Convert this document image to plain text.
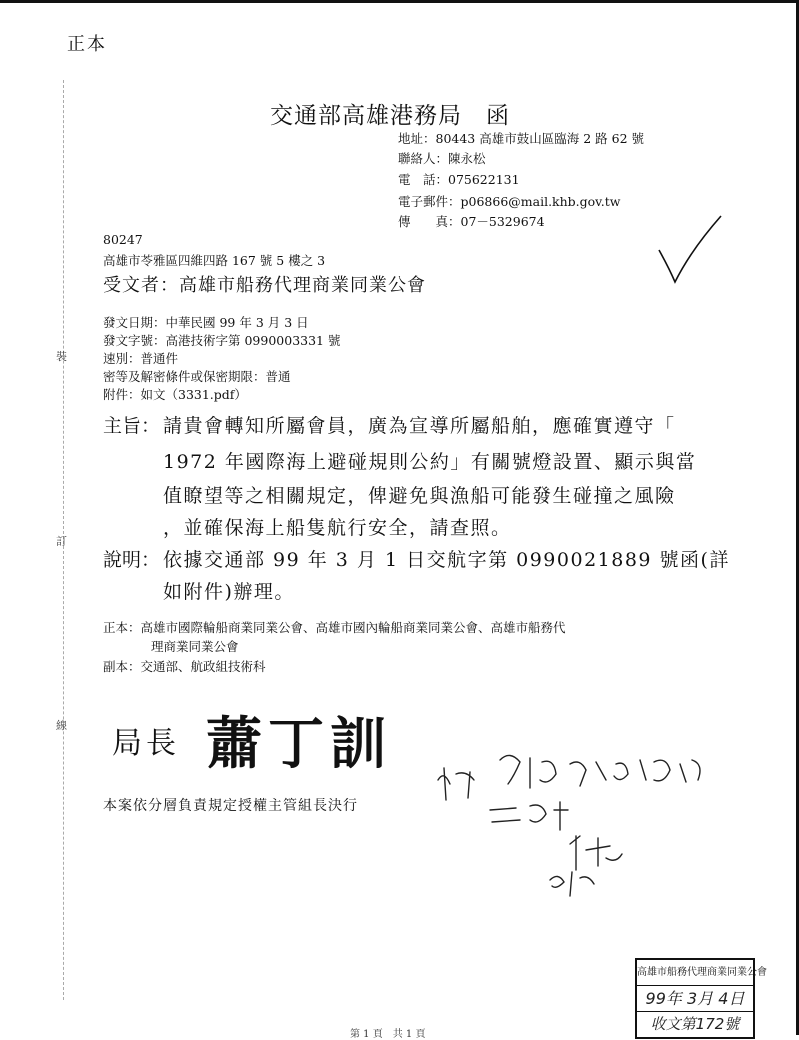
裝
訂
線
正本
交通部高雄港務局　函
地址：80443 高雄市鼓山區臨海 2 路 62 號
聯絡人：陳永松
電　話：075622131
電子郵件：p06866@mail.khb.gov.tw
傳　　真：07－5329674
80247
高雄市苓雅區四維四路 167 號 5 樓之 3
受文者：高雄市船務代理商業同業公會
發文日期：中華民國 99 年 3 月 3 日
發文字號：高港技術字第 0990003331 號
速別：普通件
密等及解密條件或保密期限：普通
附件：如文（3331.pdf）
主旨： 請貴會轉知所屬會員，廣為宣導所屬船舶，應確實遵守「
1972 年國際海上避碰規則公約」有關號燈設置、顯示與當
值瞭望等之相關規定，俾避免與漁船可能發生碰撞之風險
，並確保海上船隻航行安全，請查照。
說明： 依據交通部 99 年 3 月 1 日交航字第 0990021889 號函(詳
如附件)辦理。
正本：高雄市國際輪船商業同業公會、高雄市國內輪船商業同業公會、高雄市船務代
理商業同業公會
副本：交通部、航政組技術科
局長 蕭丁訓
本案依分層負責規定授權主管組長決行
高雄市船務代理商業同業公會
99年 3月 4日
收文第172號
第 1 頁　共 1 頁
